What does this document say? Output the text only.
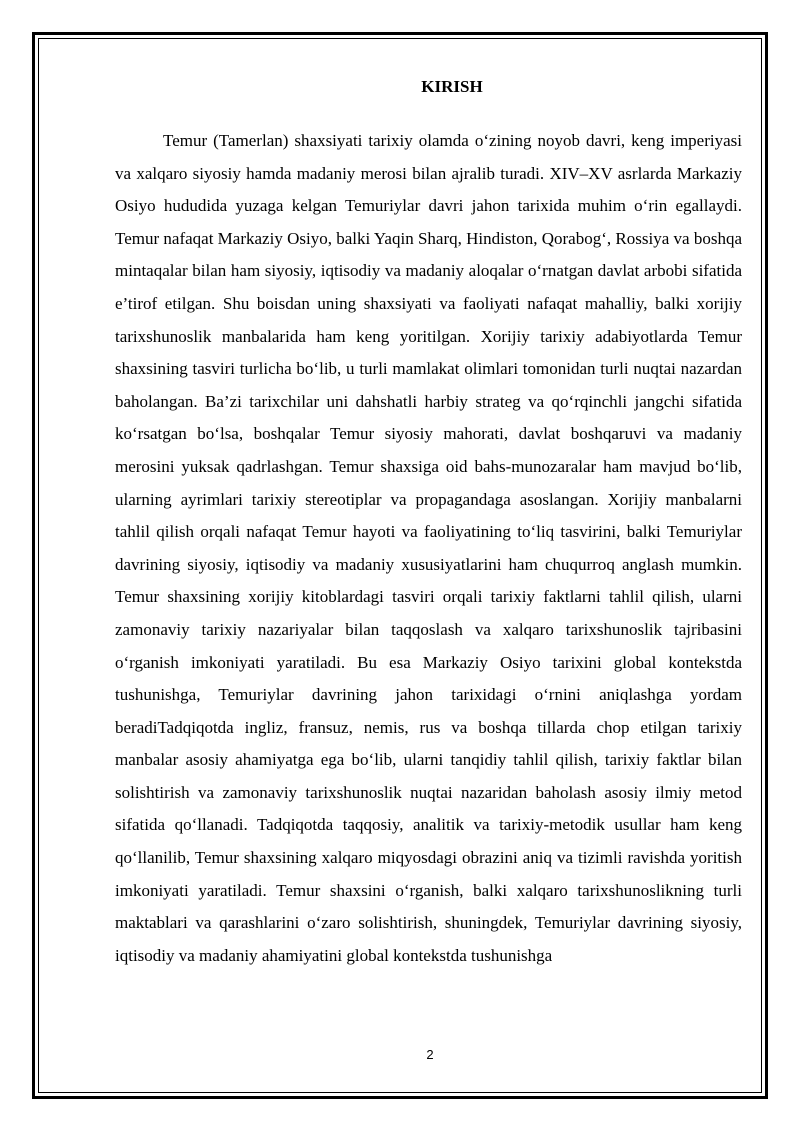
KIRISH

Temur (Tamerlan) shaxsiyati tarixiy olamda o‘zining noyob davri, keng imperiyasi va xalqaro siyosiy hamda madaniy merosi bilan ajralib turadi. XIV–XV asrlarda Markaziy Osiyo hududida yuzaga kelgan Temuriylar davri jahon tarixida muhim o‘rin egallaydi. Temur nafaqat Markaziy Osiyo, balki Yaqin Sharq, Hindiston, Qorabog‘, Rossiya va boshqa mintaqalar bilan ham siyosiy, iqtisodiy va madaniy aloqalar o‘rnatgan davlat arbobi sifatida e’tirof etilgan. Shu boisdan uning shaxsiyati va faoliyati nafaqat mahalliy, balki xorijiy tarixshunoslik manbalarida ham keng yoritilgan. Xorijiy tarixiy adabiyotlarda Temur shaxsining tasviri turlicha bo‘lib, u turli mamlakat olimlari tomonidan turli nuqtai nazardan baholangan. Ba’zi tarixchilar uni dahshatli harbiy strateg va qo‘rqinchli jangchi sifatida ko‘rsatgan bo‘lsa, boshqalar Temur siyosiy mahorati, davlat boshqaruvi va madaniy merosini yuksak qadrlashgan. Temur shaxsiga oid bahs-munozaralar ham mavjud bo‘lib, ularning ayrimlari tarixiy stereotiplar va propagandaga asoslangan. Xorijiy manbalarni tahlil qilish orqali nafaqat Temur hayoti va faoliyatining to‘liq tasvirini, balki Temuriylar davrining siyosiy, iqtisodiy va madaniy xususiyatlarini ham chuqurroq anglash mumkin. Temur shaxsining xorijiy kitoblardagi tasviri orqali tarixiy faktlarni tahlil qilish, ularni zamonaviy tarixiy nazariyalar bilan taqqoslash va xalqaro tarixshunoslik tajribasini o‘rganish imkoniyati yaratiladi. Bu esa Markaziy Osiyo tarixini global kontekstda tushunishga, Temuriylar davrining jahon tarixidagi o‘rnini aniqlashga yordam beradiTadqiqotda ingliz, fransuz, nemis, rus va boshqa tillarda chop etilgan tarixiy manbalar asosiy ahamiyatga ega bo‘lib, ularni tanqidiy tahlil qilish, tarixiy faktlar bilan solishtirish va zamonaviy tarixshunoslik nuqtai nazaridan baholash asosiy ilmiy metod sifatida qo‘llanadi. Tadqiqotda taqqosiy, analitik va tarixiy-metodik usullar ham keng qo‘llanilib, Temur shaxsining xalqaro miqyosdagi obrazini aniq va tizimli ravishda yoritish imkoniyati yaratiladi. Temur shaxsini o‘rganish, balki xalqaro tarixshunoslikning turli maktablari va qarashlarini o‘zaro solishtirish, shuningdek, Temuriylar davrining siyosiy, iqtisodiy va madaniy ahamiyatini global kontekstda tushunishga

2
